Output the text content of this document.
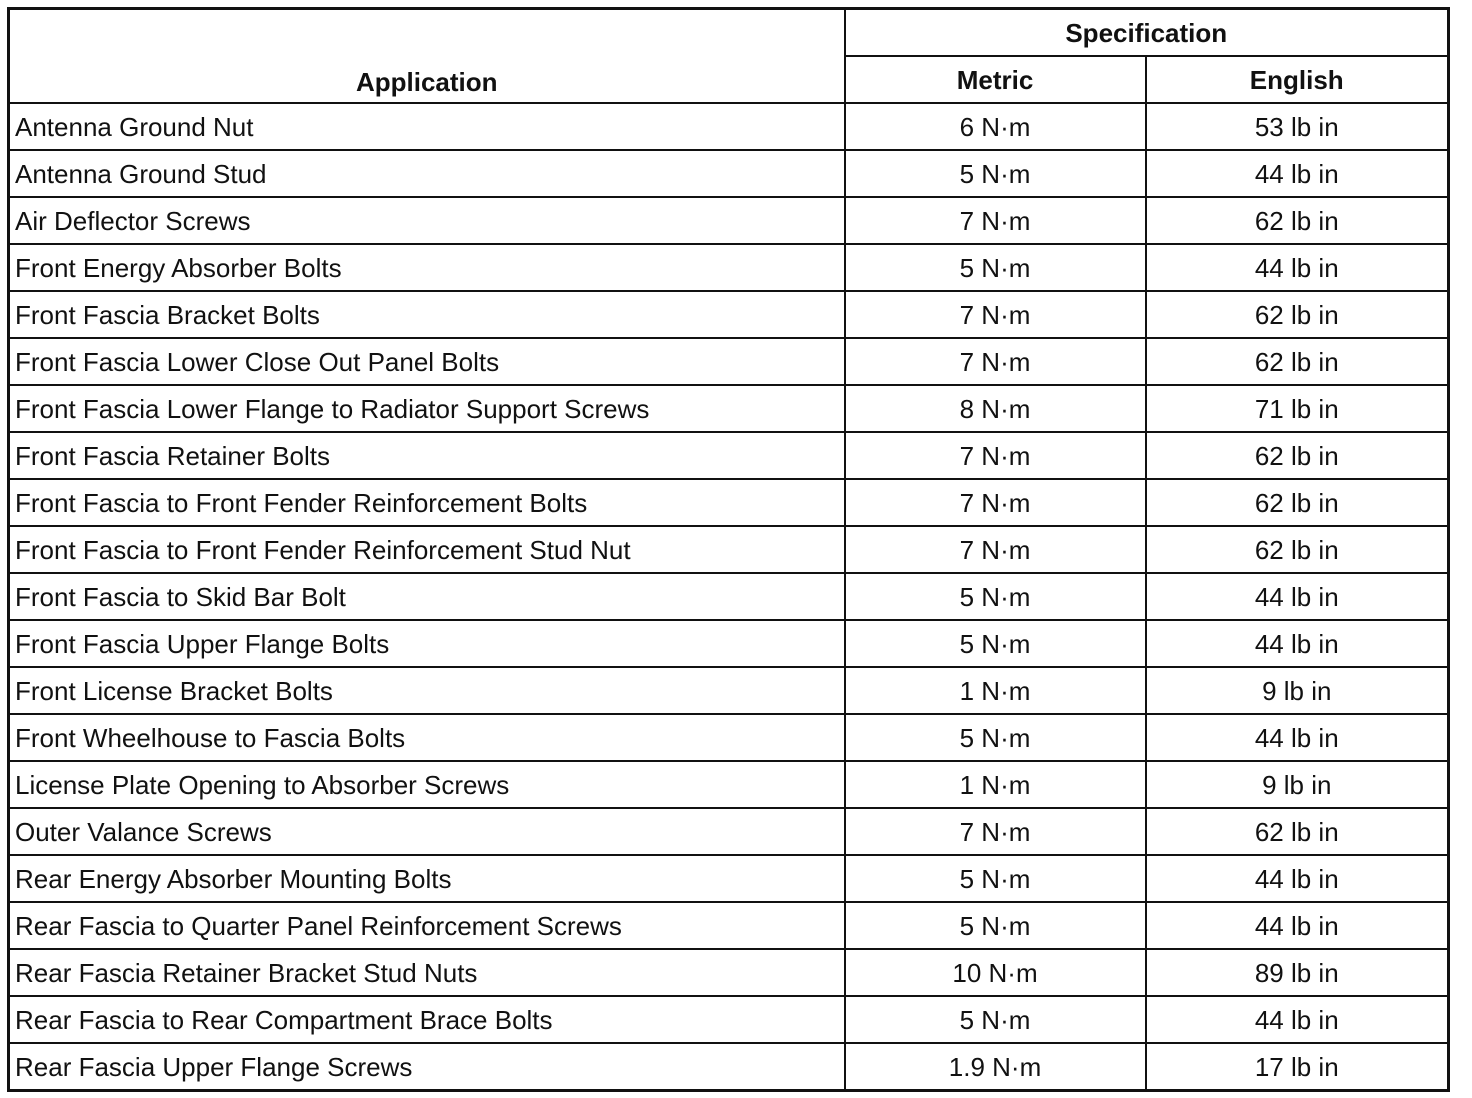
Application	Specification	
	Metric	English
Antenna Ground Nut	6 N·m	53 lb in
Antenna Ground Stud	5 N·m	44 lb in
Air Deflector Screws	7 N·m	62 lb in
Front Energy Absorber Bolts	5 N·m	44 lb in
Front Fascia Bracket Bolts	7 N·m	62 lb in
Front Fascia Lower Close Out Panel Bolts	7 N·m	62 lb in
Front Fascia Lower Flange to Radiator Support Screws	8 N·m	71 lb in
Front Fascia Retainer Bolts	7 N·m	62 lb in
Front Fascia to Front Fender Reinforcement Bolts	7 N·m	62 lb in
Front Fascia to Front Fender Reinforcement Stud Nut	7 N·m	62 lb in
Front Fascia to Skid Bar Bolt	5 N·m	44 lb in
Front Fascia Upper Flange Bolts	5 N·m	44 lb in
Front License Bracket Bolts	1 N·m	9 lb in
Front Wheelhouse to Fascia Bolts	5 N·m	44 lb in
License Plate Opening to Absorber Screws	1 N·m	9 lb in
Outer Valance Screws	7 N·m	62 lb in
Rear Energy Absorber Mounting Bolts	5 N·m	44 lb in
Rear Fascia to Quarter Panel Reinforcement Screws	5 N·m	44 lb in
Rear Fascia Retainer Bracket Stud Nuts	10 N·m	89 lb in
Rear Fascia to Rear Compartment Brace Bolts	5 N·m	44 lb in
Rear Fascia Upper Flange Screws	1.9 N·m	17 lb in
